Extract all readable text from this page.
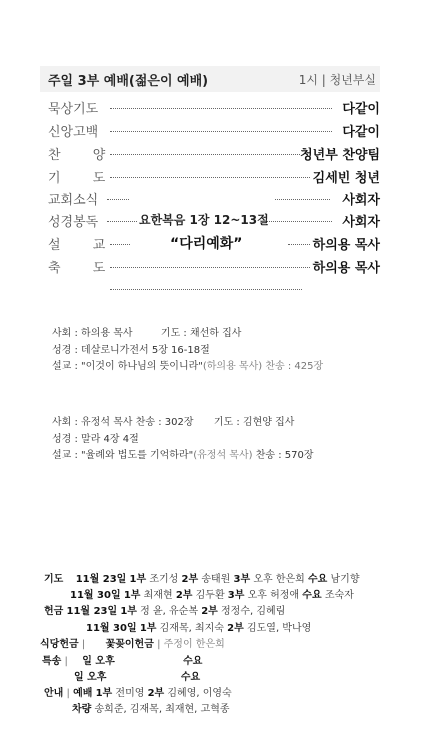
주일 3부 예배(젊은이 예배)	1시 | 청년부실
묵상기도	다같이
신앙고백	다같이
찬 양	청년부 찬양팀
기 도	김세빈 청년
교회소식	사회자
성경봉독	요한복음 1장 12~13절	사회자
설 교	“다리예화”	하의용 목사
축 도	하의용 목사
사회 : 하의용 목사	기도 : 채선하 집사
성경 : 데살로니가전서 5장 16-18절
설교 : "이것이 하나님의 뜻이니라"(하의용 목사) 찬송 : 425장
사회 : 유정석 목사 찬송 : 302장 기도 : 김현양 집사
성경 : 말라 4장 4절
설교 : "율례와 법도를 기억하라"(유정석 목사) 찬송 : 570장
기도 11월 23일 1부 조기성 2부 송태원 3부 오후 한은희 수요 남기향
11월 30일 1부 최재현 2부 김두환 3부 오후 허정애 수요 조숙자
헌금 11월 23일 1부 정 윤, 유순복 2부 정정수, 김혜림
11월 30일 1부 김재목, 최지숙 2부 김도열, 박나영
식당헌금 | 꽃꽂이헌금 | 주정이 한은희
특송 | 일 오후	수요
일 오후	수요
안내 | 예배 1부 전미영 2부 김혜영, 이영숙
차량 송희준, 김재목, 최재현, 고혁종
